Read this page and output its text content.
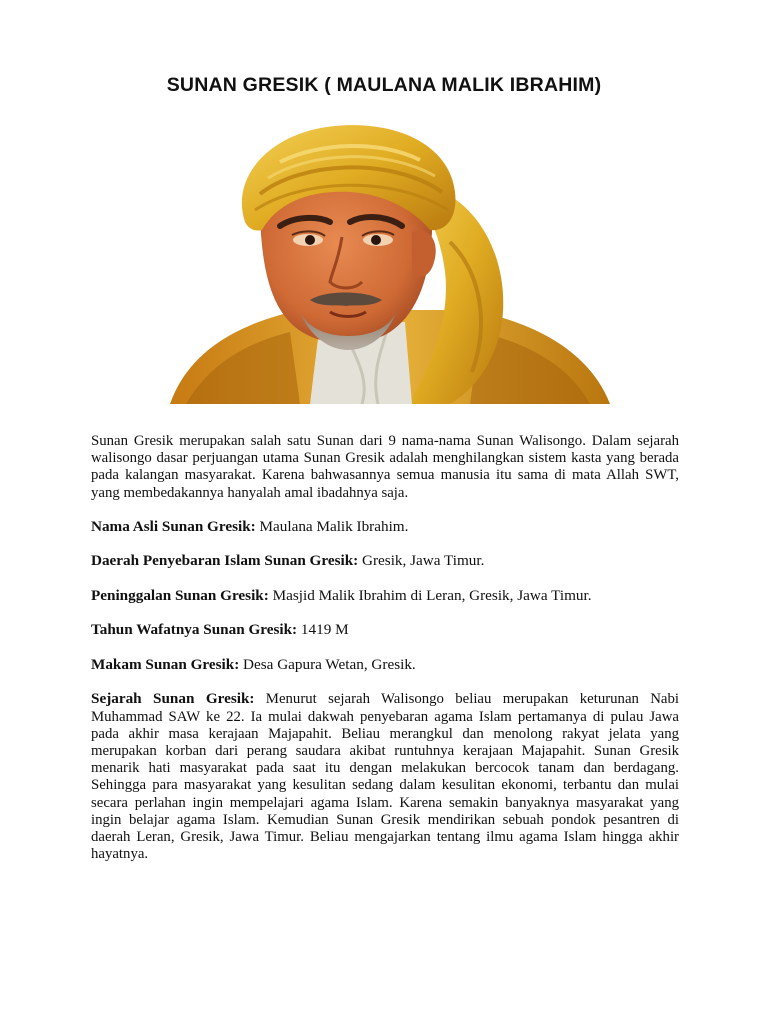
SUNAN GRESIK ( MAULANA MALIK IBRAHIM)

Sunan Gresik merupakan salah satu Sunan dari 9 nama-nama Sunan Walisongo. Dalam sejarah walisongo dasar perjuangan utama Sunan Gresik adalah menghilangkan sistem kasta yang berada pada kalangan masyarakat. Karena bahwasannya semua manusia itu sama di mata Allah SWT, yang membedakannya hanyalah amal ibadahnya saja.

Nama Asli Sunan Gresik: Maulana Malik Ibrahim.

Daerah Penyebaran Islam Sunan Gresik: Gresik, Jawa Timur.

Peninggalan Sunan Gresik: Masjid Malik Ibrahim di Leran, Gresik, Jawa Timur.

Tahun Wafatnya Sunan Gresik: 1419 M

Makam Sunan Gresik: Desa Gapura Wetan, Gresik.

Sejarah Sunan Gresik: Menurut sejarah Walisongo beliau merupakan keturunan Nabi Muhammad SAW ke 22. Ia mulai dakwah penyebaran agama Islam pertamanya di pulau Jawa pada akhir masa kerajaan Majapahit. Beliau merangkul dan menolong rakyat jelata yang merupakan korban dari perang saudara akibat runtuhnya kerajaan Majapahit. Sunan Gresik menarik hati masyarakat pada saat itu dengan melakukan bercocok tanam dan berdagang. Sehingga para masyarakat yang kesulitan sedang dalam kesulitan ekonomi, terbantu dan mulai secara perlahan ingin mempelajari agama Islam. Karena semakin banyaknya masyarakat yang ingin belajar agama Islam. Kemudian Sunan Gresik mendirikan sebuah pondok pesantren di daerah Leran, Gresik, Jawa Timur. Beliau mengajarkan tentang ilmu agama Islam hingga akhir hayatnya.
